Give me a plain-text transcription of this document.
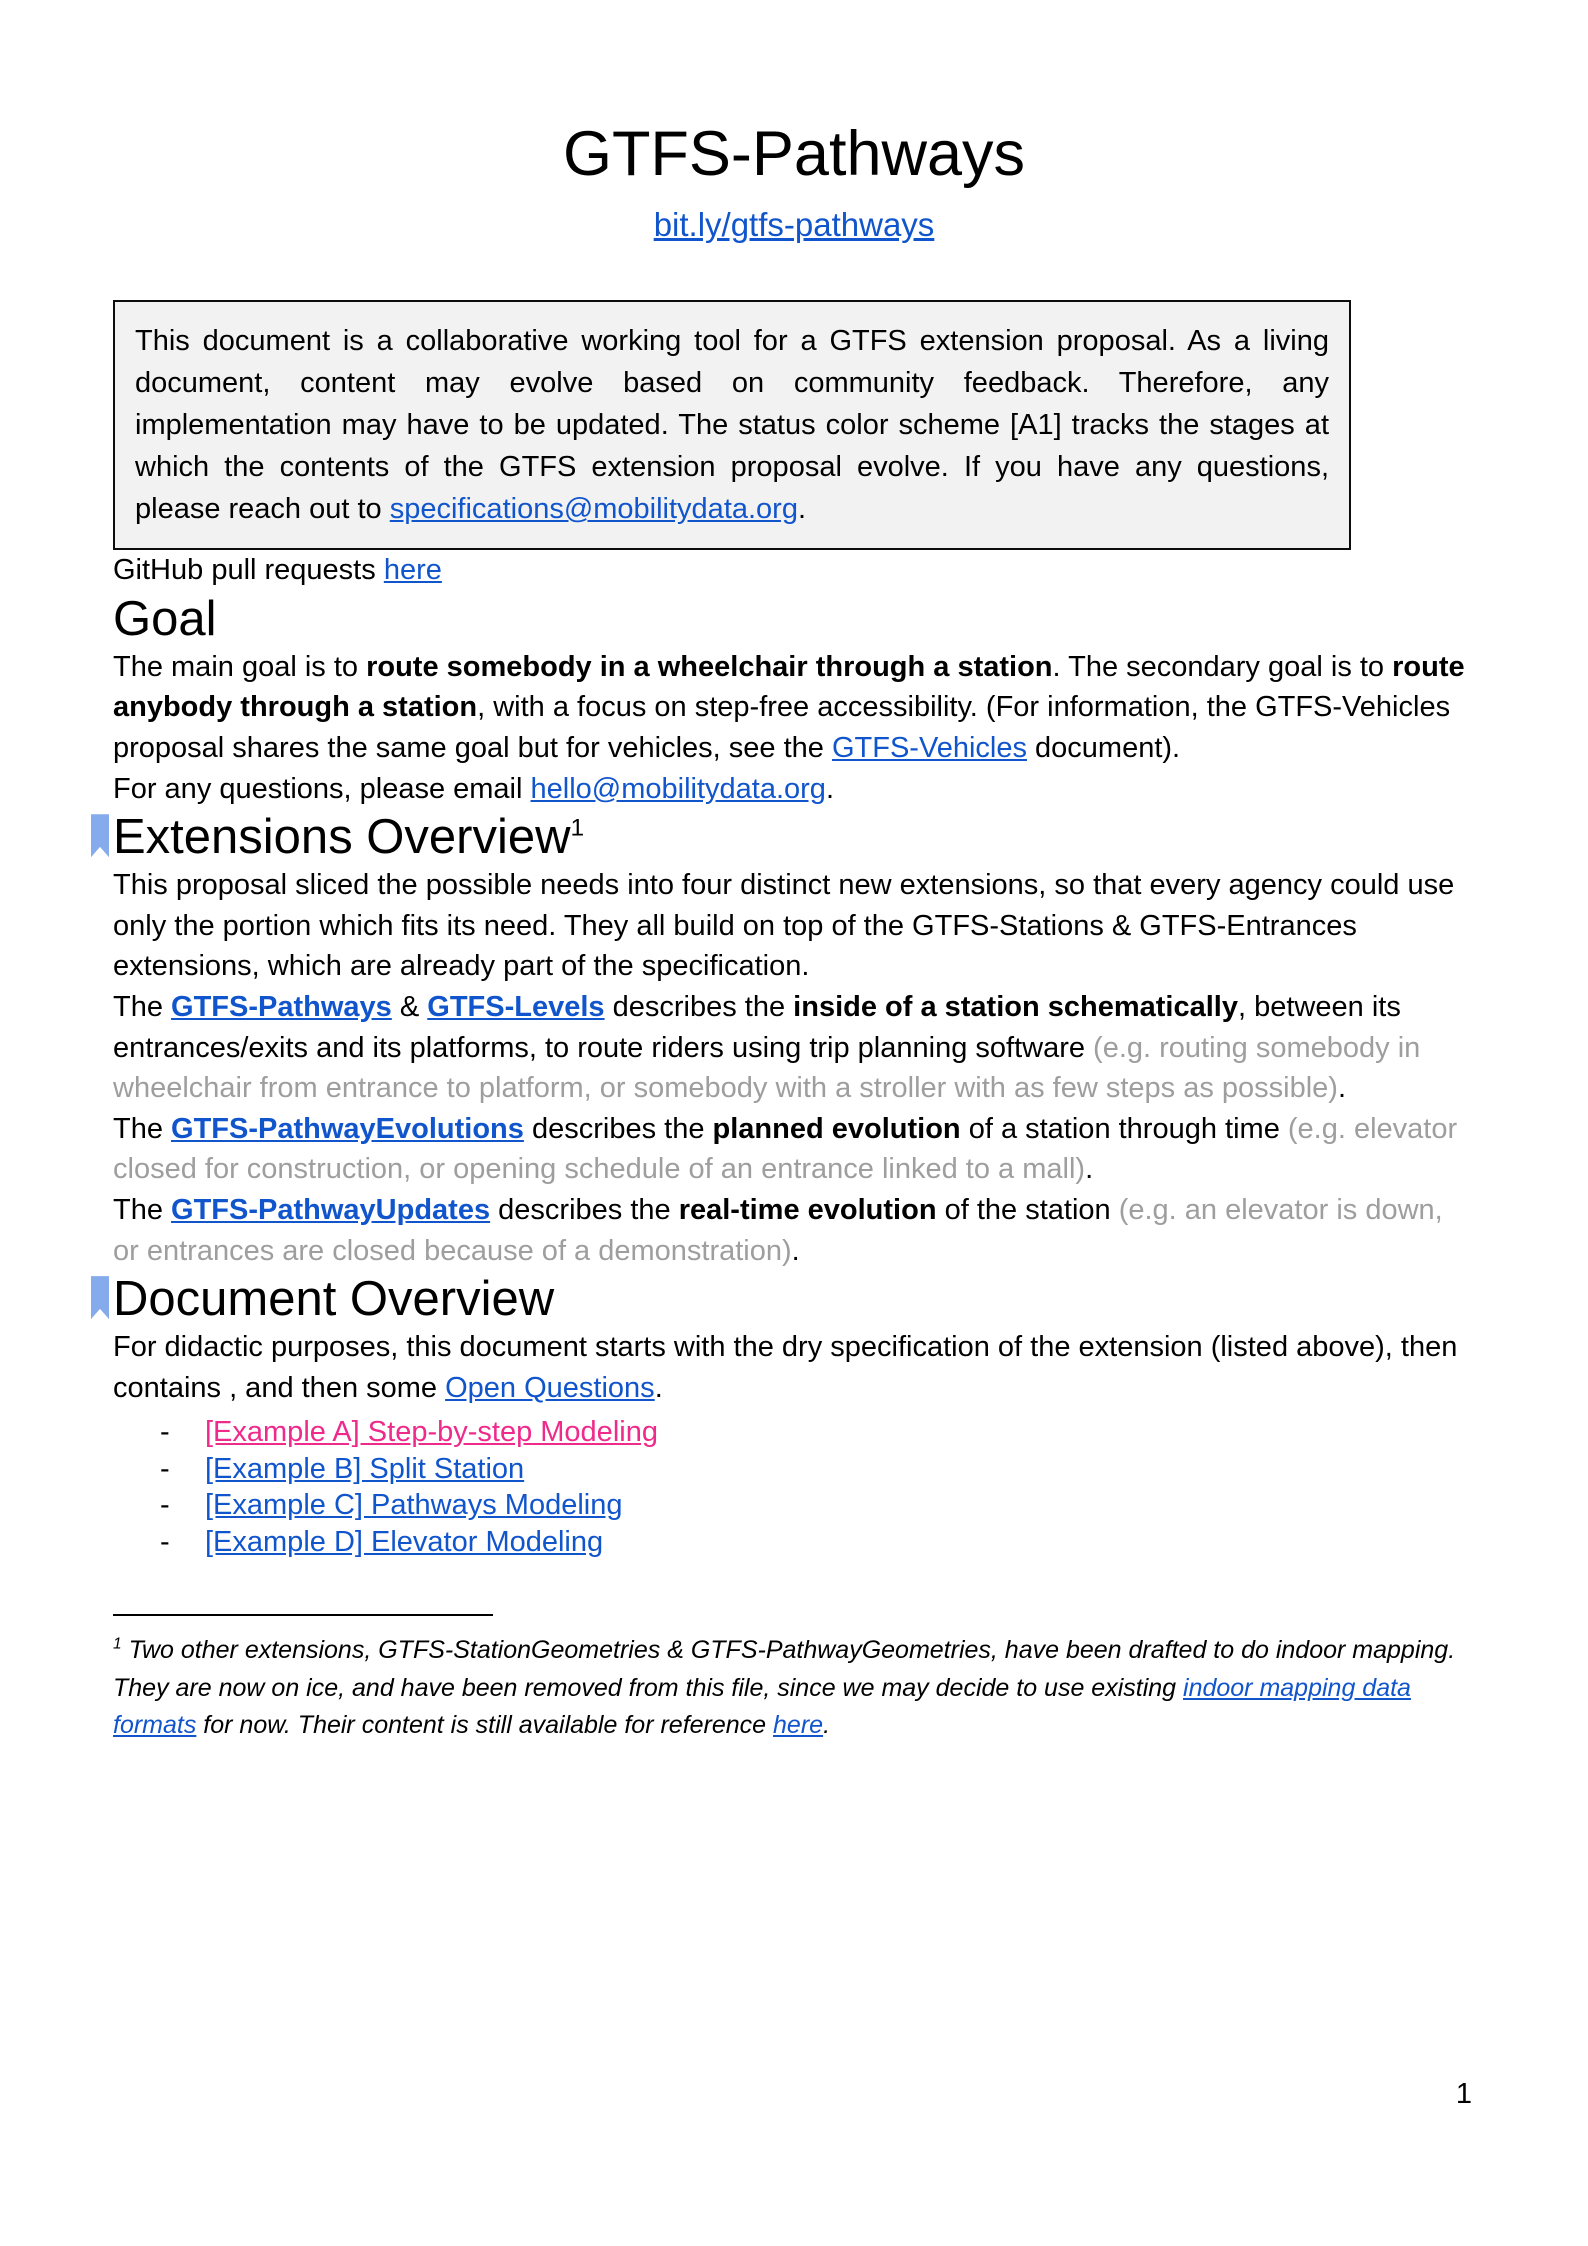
GTFS-Pathways
bit.ly/gtfs-pathways

This document is a collaborative working tool for a GTFS extension proposal. As a living document, content may evolve based on community feedback. Therefore, any implementation may have to be updated. The status color scheme [A1] tracks the stages at which the contents of the GTFS extension proposal evolve. If you have any questions, please reach out to specifications@mobilitydata.org.

GitHub pull requests here

Goal

The main goal is to route somebody in a wheelchair through a station. The secondary goal is to route anybody through a station, with a focus on step-free accessibility. (For information, the GTFS-Vehicles proposal shares the same goal but for vehicles, see the GTFS-Vehicles document).

For any questions, please email hello@mobilitydata.org.

Extensions Overview$^1$

This proposal sliced the possible needs into four distinct new extensions, so that every agency could use only the portion which fits its need. They all build on top of the GTFS-Stations & GTFS-Entrances extensions, which are already part of the specification.

The GTFS-Pathways & GTFS-Levels describes the inside of a station schematically, between its entrances/exits and its platforms, to route riders using trip planning software (e.g. routing somebody in wheelchair from entrance to platform, or somebody with a stroller with as few steps as possible).

The GTFS-PathwayEvolutions describes the planned evolution of a station through time (e.g. elevator closed for construction, or opening schedule of an entrance linked to a mall).

The GTFS-PathwayUpdates describes the real-time evolution of the station (e.g. an elevator is down, or entrances are closed because of a demonstration).

Document Overview

For didactic purposes, this document starts with the dry specification of the extension (listed above), then contains , and then some Open Questions.

-	[Example A] Step-by-step Modeling
-	[Example B] Split Station
-	[Example C] Pathways Modeling
-	[Example D] Elevator Modeling

$^1$ Two other extensions, GTFS-StationGeometries & GTFS-PathwayGeometries, have been drafted to do indoor mapping. They are now on ice, and have been removed from this file, since we may decide to use existing indoor mapping data formats for now. Their content is still available for reference here.

1
